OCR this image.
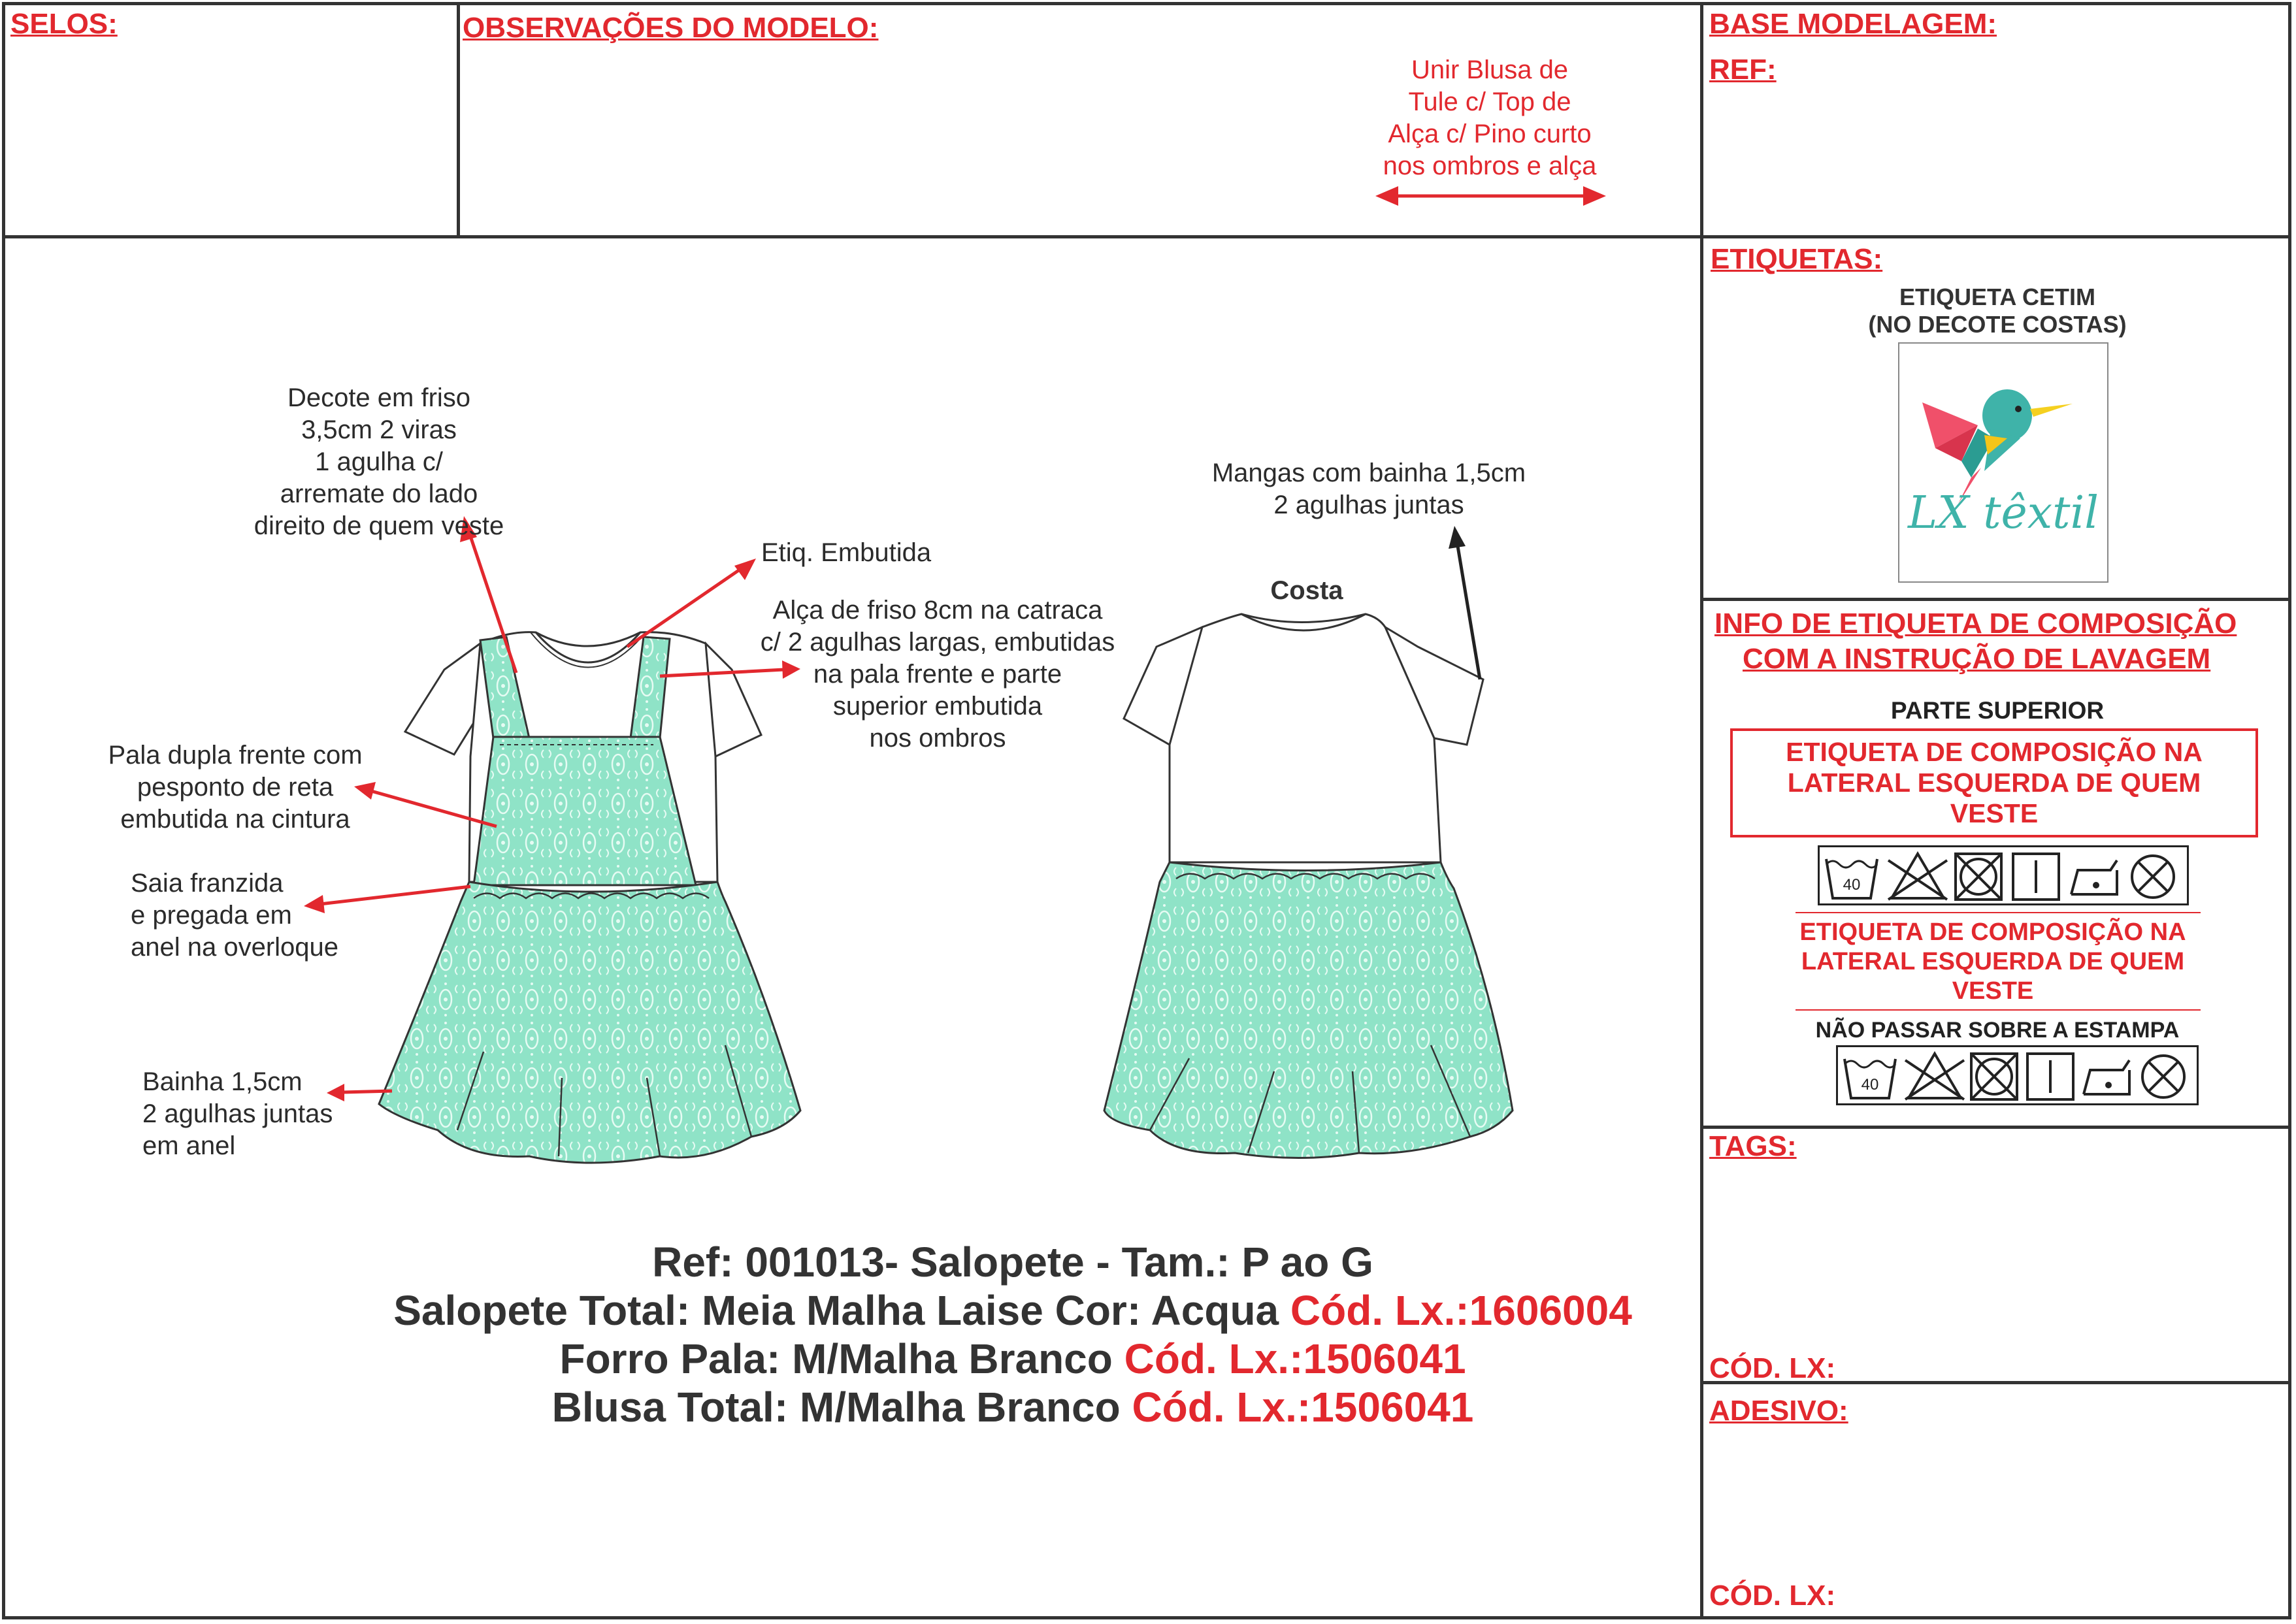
SELOS:	OBSERVAÇÕES DO MODELO:	BASE MODELAGEM:
REF:
Unir Blusa de
Tule c/ Top de
Alça c/ Pino curto
nos ombros e alça
ETIQUETAS:
ETIQUETA CETIM
(NO DECOTE COSTAS)
LX têxtil
INFO DE ETIQUETA DE COMPOSIÇÃO
COM A INSTRUÇÃO DE LAVAGEM
PARTE SUPERIOR
ETIQUETA DE COMPOSIÇÃO NA
LATERAL ESQUERDA DE QUEM
VESTE
40
ETIQUETA DE COMPOSIÇÃO NA
LATERAL ESQUERDA DE QUEM
VESTE
NÃO PASSAR SOBRE A ESTAMPA
40
TAGS:
CÓD. LX:
ADESIVO:
CÓD. LX:
Decote em friso
3,5cm 2 viras
1 agulha c/
arremate do lado
direito de quem veste
Etiq. Embutida
Alça de friso 8cm na catraca
c/ 2 agulhas largas, embutidas
na pala frente e parte
superior embutida
nos ombros
Pala dupla frente com
pesponto de reta
embutida na cintura
Saia franzida
e pregada em
anel na overloque
Bainha 1,5cm
2 agulhas juntas
em anel
Mangas com bainha 1,5cm
2 agulhas juntas
Costa
Ref: 001013- Salopete - Tam.: P ao G
Salopete Total: Meia Malha Laise Cor: Acqua Cód. Lx.:1606004
Forro Pala: M/Malha Branco Cód. Lx.:1506041
Blusa Total: M/Malha Branco Cód. Lx.:1506041
